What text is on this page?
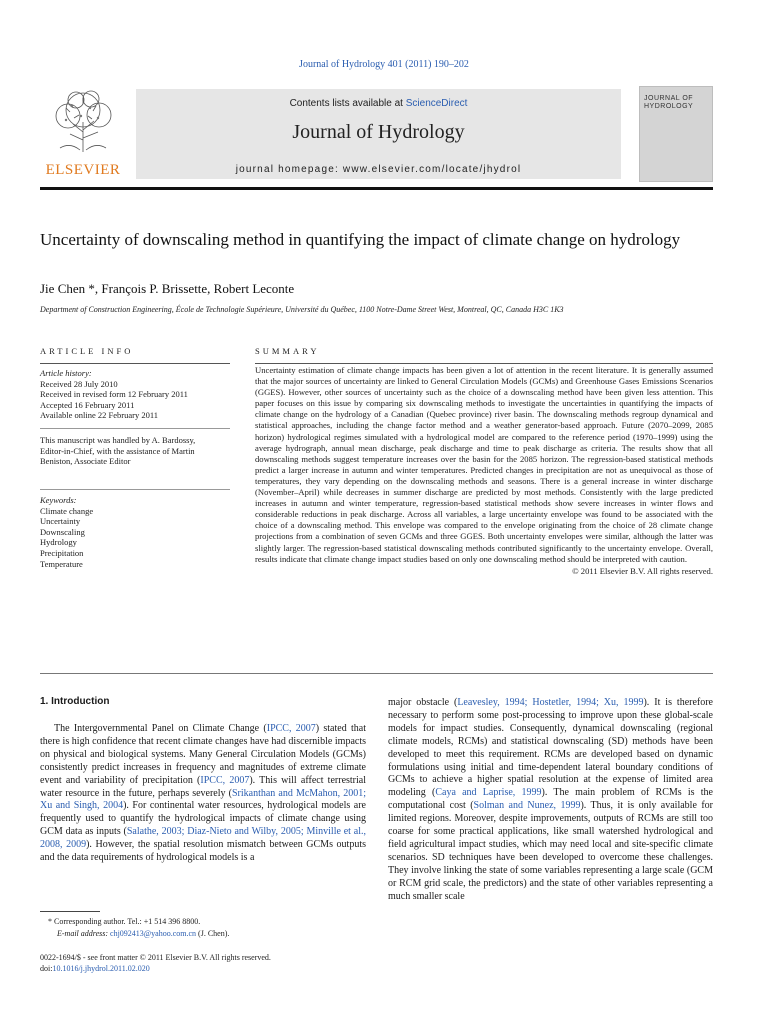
Journal of Hydrology 401 (2011) 190–202
ELSEVIER
Contents lists available at ScienceDirect
Journal of Hydrology
journal homepage: www.elsevier.com/locate/jhydrol
JOURNAL OF HYDROLOGY
Uncertainty of downscaling method in quantifying the impact of climate change on hydrology
Jie Chen *, François P. Brissette, Robert Leconte
Department of Construction Engineering, École de Technologie Supérieure, Université du Québec, 1100 Notre-Dame Street West, Montreal, QC, Canada H3C 1K3
ARTICLE INFO
Article history:
Received 28 July 2010
Received in revised form 12 February 2011
Accepted 16 February 2011
Available online 22 February 2011
This manuscript was handled by A. Bardossy, Editor-in-Chief, with the assistance of Martin Beniston, Associate Editor
Keywords:
Climate change
Uncertainty
Downscaling
Hydrology
Precipitation
Temperature
SUMMARY

Uncertainty estimation of climate change impacts has been given a lot of attention in the recent literature. It is generally assumed that the major sources of uncertainty are linked to General Circulation Models (GCMs) and Greenhouse Gases Emissions Scenarios (GGES). However, other sources of uncertainty such as the choice of a downscaling method have been given less attention. This paper focuses on this issue by comparing six downscaling methods to investigate the uncertainties in quantifying the impacts of climate change on the hydrology of a Canadian (Quebec province) river basin. The downscaling methods regroup dynamical and statistical approaches, including the change factor method and a weather generator-based approach. Future (2070–2099, 2085 horizon) hydrological regimes simulated with a hydrological model are compared to the reference period (1970–1999) using the average hydrograph, annual mean discharge, peak discharge and time to peak discharge as criteria. The results show that all downscaling methods suggest temperature increases over the basin for the 2085 horizon. The regression-based statistical methods predict a larger increase in autumn and winter temperatures. Predicted changes in precipitation are not as unequivocal as those of temperatures, they vary depending on the downscaling methods and seasons. There is a general increase in winter discharge (November–April) while decreases in summer discharge are predicted by most methods. Consistently with the large predicted increases in autumn and winter temperature, regression-based statistical methods show severe increases in winter flows and considerable reductions in peak discharge. Across all variables, a large uncertainty envelope was found to be associated with the choice of a downscaling method. This envelope was compared to the envelope originating from the choice of 28 climate change projections from a combination of seven GCMs and three GGES. Both uncertainty envelopes were similar, although the latter was slightly larger. The regression-based statistical downscaling methods contributed significantly to the uncertainty envelope. Overall, results indicate that climate change impact studies based on only one downscaling method should be interpreted with caution.

© 2011 Elsevier B.V. All rights reserved.
1. Introduction

The Intergovernmental Panel on Climate Change (IPCC, 2007) stated that there is high confidence that recent climate changes have had discernible impacts on physical and biological systems. Many General Circulation Models (GCMs) consistently predict increases in frequency and magnitudes of extreme climate event and variability of precipitation (IPCC, 2007). This will affect terrestrial water resource in the future, perhaps severely (Srikanthan and McMahon, 2001; Xu and Singh, 2004). For continental water resources, hydrological models are frequently used to quantify the hydrological impacts of climate change using GCM data as inputs (Salathe, 2003; Diaz-Nieto and Wilby, 2005; Minville et al., 2008, 2009). However, the spatial resolution mismatch between GCMs outputs and the data requirements of hydrological models is a

major obstacle (Leavesley, 1994; Hostetler, 1994; Xu, 1999). It is therefore necessary to perform some post-processing to improve upon these global-scale models for impact studies. Consequently, dynamical downscaling (regional climate models, RCMs) and statistical downscaling (SD) methods have been developed to meet this requirement. RCMs are developed based on dynamic formulations using initial and time-dependent lateral boundary conditions of GCMs to achieve a higher spatial resolution at the expense of limited area modeling (Caya and Laprise, 1999). The main problem of RCMs is the computational cost (Solman and Nunez, 1999). Thus, it is only available for limited regions. Moreover, despite improvements, outputs of RCMs are still too coarse for some practical applications, like small watershed hydrological and field agricultural impact studies, which may need local and site-specific climate scenarios. SD techniques have been developed to overcome these challenges. They involve linking the state of some variables representing a large scale (GCM or RCM grid scale, the predictors) and the state of other variables representing a much smaller scale

* Corresponding author. Tel.: +1 514 396 8800.
E-mail address: chj092413@yahoo.com.cn (J. Chen).
0022-1694/$ - see front matter © 2011 Elsevier B.V. All rights reserved.
doi:10.1016/j.jhydrol.2011.02.020
